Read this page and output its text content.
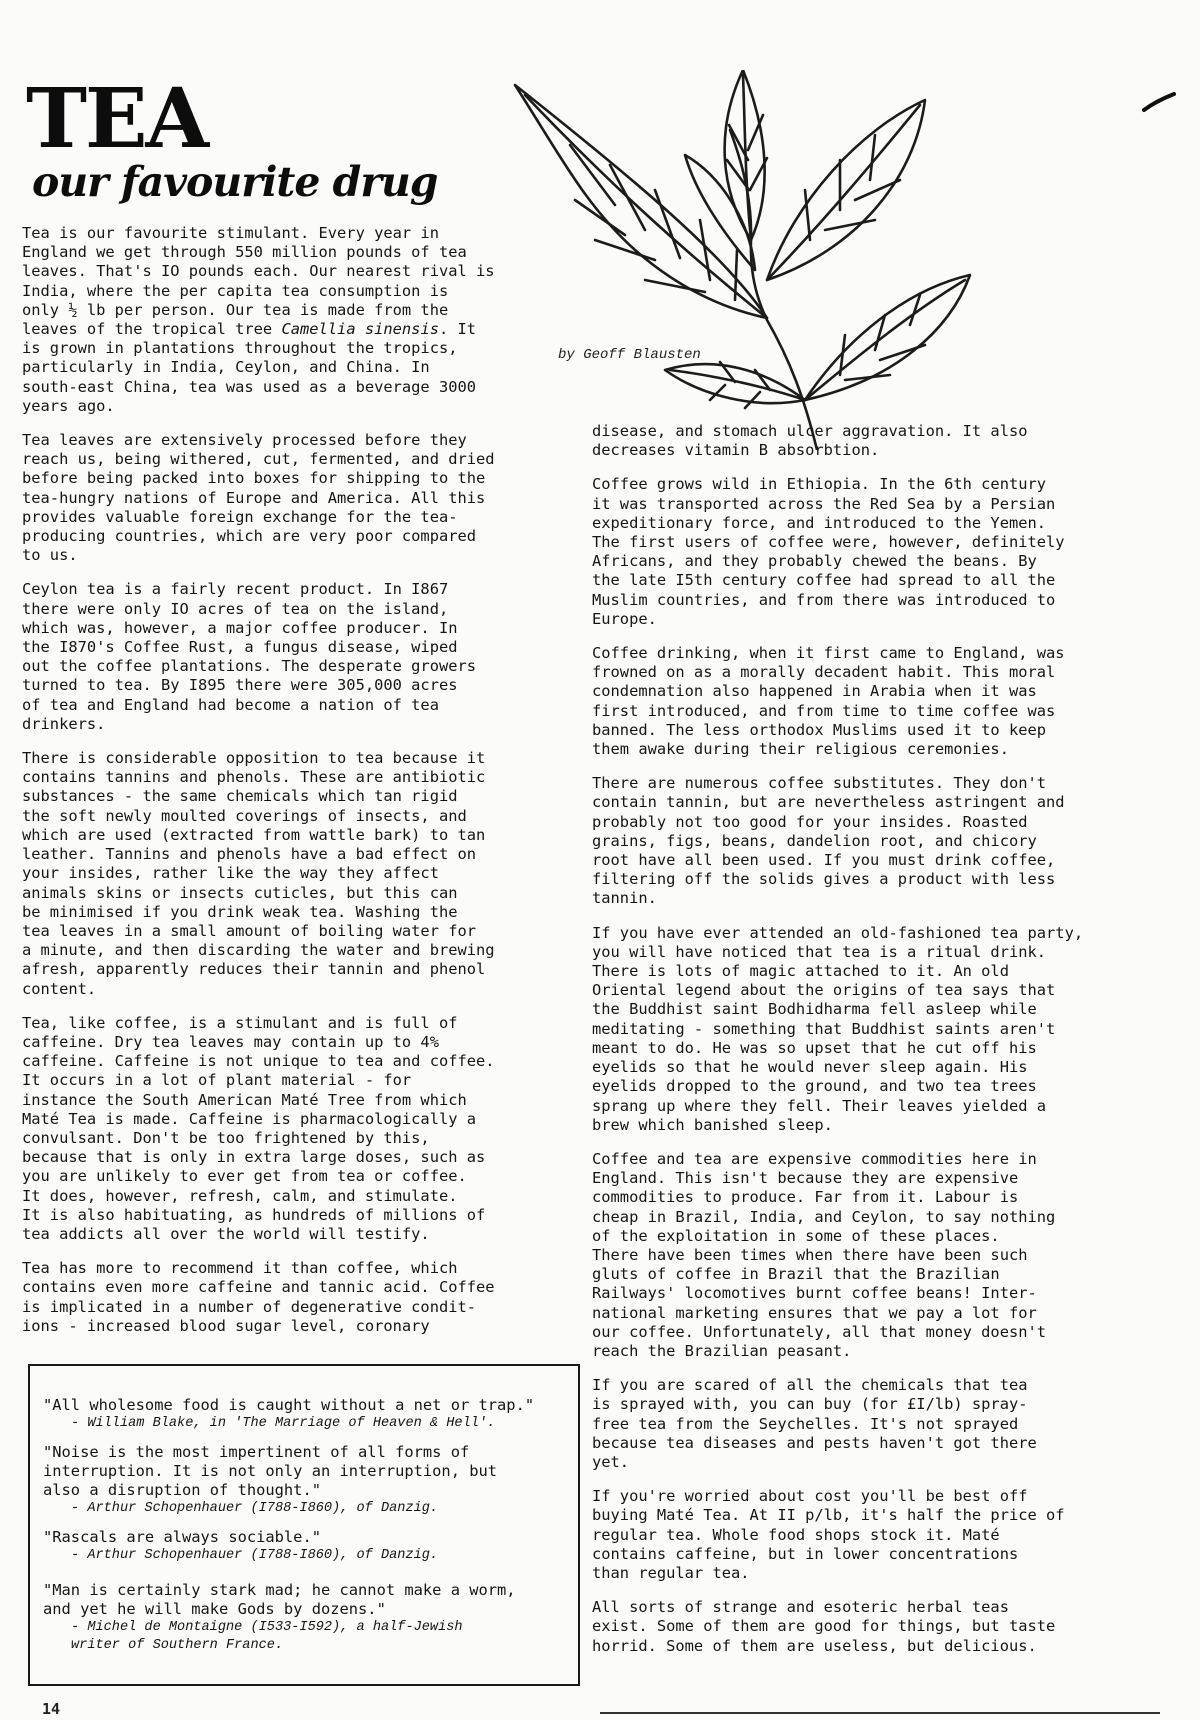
TEA
our favourite drug
by Geoff Blausten

Tea is our favourite stimulant. Every year in
England we get through 550 million pounds of tea
leaves. That's IO pounds each. Our nearest rival is
India, where the per capita tea consumption is
only ½ lb per person. Our tea is made from the
leaves of the tropical tree Camellia sinensis. It
is grown in plantations throughout the tropics,
particularly in India, Ceylon, and China. In
south-east China, tea was used as a beverage 3000
years ago.

Tea leaves are extensively processed before they
reach us, being withered, cut, fermented, and dried
before being packed into boxes for shipping to the
tea-hungry nations of Europe and America. All this
provides valuable foreign exchange for the tea-
producing countries, which are very poor compared
to us.

Ceylon tea is a fairly recent product. In I867
there were only IO acres of tea on the island,
which was, however, a major coffee producer. In
the I870's Coffee Rust, a fungus disease, wiped
out the coffee plantations. The desperate growers
turned to tea. By I895 there were 305,000 acres
of tea and England had become a nation of tea
drinkers.

There is considerable opposition to tea because it
contains tannins and phenols. These are antibiotic
substances - the same chemicals which tan rigid
the soft newly moulted coverings of insects, and
which are used (extracted from wattle bark) to tan
leather. Tannins and phenols have a bad effect on
your insides, rather like the way they affect
animals skins or insects cuticles, but this can
be minimised if you drink weak tea. Washing the
tea leaves in a small amount of boiling water for
a minute, and then discarding the water and brewing
afresh, apparently reduces their tannin and phenol
content.

Tea, like coffee, is a stimulant and is full of
caffeine. Dry tea leaves may contain up to 4%
caffeine. Caffeine is not unique to tea and coffee.
It occurs in a lot of plant material - for
instance the South American Maté Tree from which
Maté Tea is made. Caffeine is pharmacologically a
convulsant. Don't be too frightened by this,
because that is only in extra large doses, such as
you are unlikely to ever get from tea or coffee.
It does, however, refresh, calm, and stimulate.
It is also habituating, as hundreds of millions of
tea addicts all over the world will testify.

Tea has more to recommend it than coffee, which
contains even more caffeine and tannic acid. Coffee
is implicated in a number of degenerative condit-
ions - increased blood sugar level, coronary

disease, and stomach ulcer aggravation. It also
decreases vitamin B absorbtion.

Coffee grows wild in Ethiopia. In the 6th century
it was transported across the Red Sea by a Persian
expeditionary force, and introduced to the Yemen.
The first users of coffee were, however, definitely
Africans, and they probably chewed the beans. By
the late I5th century coffee had spread to all the
Muslim countries, and from there was introduced to
Europe.

Coffee drinking, when it first came to England, was
frowned on as a morally decadent habit. This moral
condemnation also happened in Arabia when it was
first introduced, and from time to time coffee was
banned. The less orthodox Muslims used it to keep
them awake during their religious ceremonies.

There are numerous coffee substitutes. They don't
contain tannin, but are nevertheless astringent and
probably not too good for your insides. Roasted
grains, figs, beans, dandelion root, and chicory
root have all been used. If you must drink coffee,
filtering off the solids gives a product with less
tannin.

If you have ever attended an old-fashioned tea party,
you will have noticed that tea is a ritual drink.
There is lots of magic attached to it. An old
Oriental legend about the origins of tea says that
the Buddhist saint Bodhidharma fell asleep while
meditating - something that Buddhist saints aren't
meant to do. He was so upset that he cut off his
eyelids so that he would never sleep again. His
eyelids dropped to the ground, and two tea trees
sprang up where they fell. Their leaves yielded a
brew which banished sleep.

Coffee and tea are expensive commodities here in
England. This isn't because they are expensive
commodities to produce. Far from it. Labour is
cheap in Brazil, India, and Ceylon, to say nothing
of the exploitation in some of these places.
There have been times when there have been such
gluts of coffee in Brazil that the Brazilian
Railways' locomotives burnt coffee beans! Inter-
national marketing ensures that we pay a lot for
our coffee. Unfortunately, all that money doesn't
reach the Brazilian peasant.

If you are scared of all the chemicals that tea
is sprayed with, you can buy (for £I/lb) spray-
free tea from the Seychelles. It's not sprayed
because tea diseases and pests haven't got there
yet.

If you're worried about cost you'll be best off
buying Maté Tea. At II p/lb, it's half the price of
regular tea. Whole food shops stock it. Maté
contains caffeine, but in lower concentrations
than regular tea.

All sorts of strange and esoteric herbal teas
exist. Some of them are good for things, but taste
horrid. Some of them are useless, but delicious.

"All wholesome food is caught without a net or trap."

- William Blake, in 'The Marriage of Heaven & Hell'.

"Noise is the most impertinent of all forms of
interruption. It is not only an interruption, but
also a disruption of thought."

- Arthur Schopenhauer (I788-I860), of Danzig.

"Rascals are always sociable."

- Arthur Schopenhauer (I788-I860), of Danzig.

"Man is certainly stark mad; he cannot make a worm,
and yet he will make Gods by dozens."

- Michel de Montaigne (I533-I592), a half-Jewish
writer of Southern France.

14
